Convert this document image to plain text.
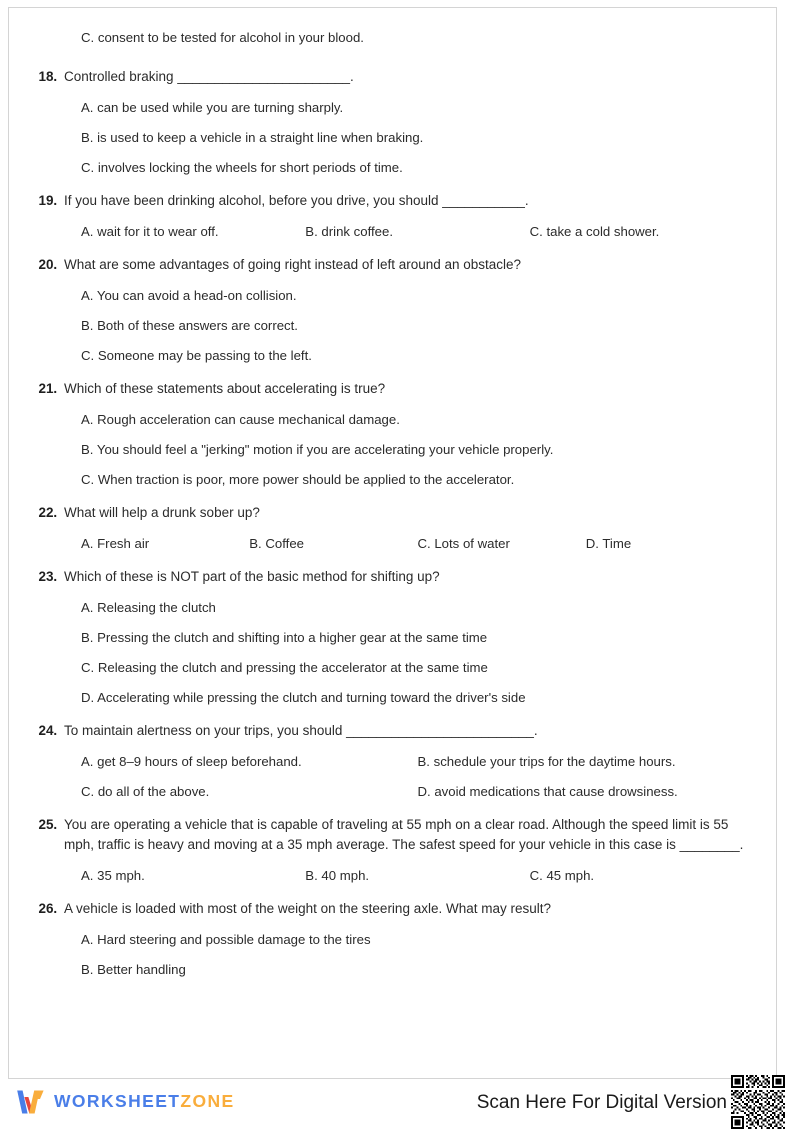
C. consent to be tested for alcohol in your blood.
18. Controlled braking _______________________.
A. can be used while you are turning sharply.
B. is used to keep a vehicle in a straight line when braking.
C. involves locking the wheels for short periods of time.
19. If you have been drinking alcohol, before you drive, you should ___________.
A. wait for it to wear off.	B. drink coffee.	C. take a cold shower.
20. What are some advantages of going right instead of left around an obstacle?
A. You can avoid a head-on collision.
B. Both of these answers are correct.
C. Someone may be passing to the left.
21. Which of these statements about accelerating is true?
A. Rough acceleration can cause mechanical damage.
B. You should feel a "jerking" motion if you are accelerating your vehicle properly.
C. When traction is poor, more power should be applied to the accelerator.
22. What will help a drunk sober up?
A. Fresh air	B. Coffee	C. Lots of water	D. Time
23. Which of these is NOT part of the basic method for shifting up?
A. Releasing the clutch
B. Pressing the clutch and shifting into a higher gear at the same time
C. Releasing the clutch and pressing the accelerator at the same time
D. Accelerating while pressing the clutch and turning toward the driver's side
24. To maintain alertness on your trips, you should _________________________.
A. get 8–9 hours of sleep beforehand.	B. schedule your trips for the daytime hours.
C. do all of the above.	D. avoid medications that cause drowsiness.
25. You are operating a vehicle that is capable of traveling at 55 mph on a clear road. Although the speed limit is 55 mph, traffic is heavy and moving at a 35 mph average. The safest speed for your vehicle in this case is ________.
A. 35 mph.	B. 40 mph.	C. 45 mph.
26. A vehicle is loaded with most of the weight on the steering axle. What may result?
A. Hard steering and possible damage to the tires
B. Better handling
WORKSHEETZONE	Scan Here For Digital Version
